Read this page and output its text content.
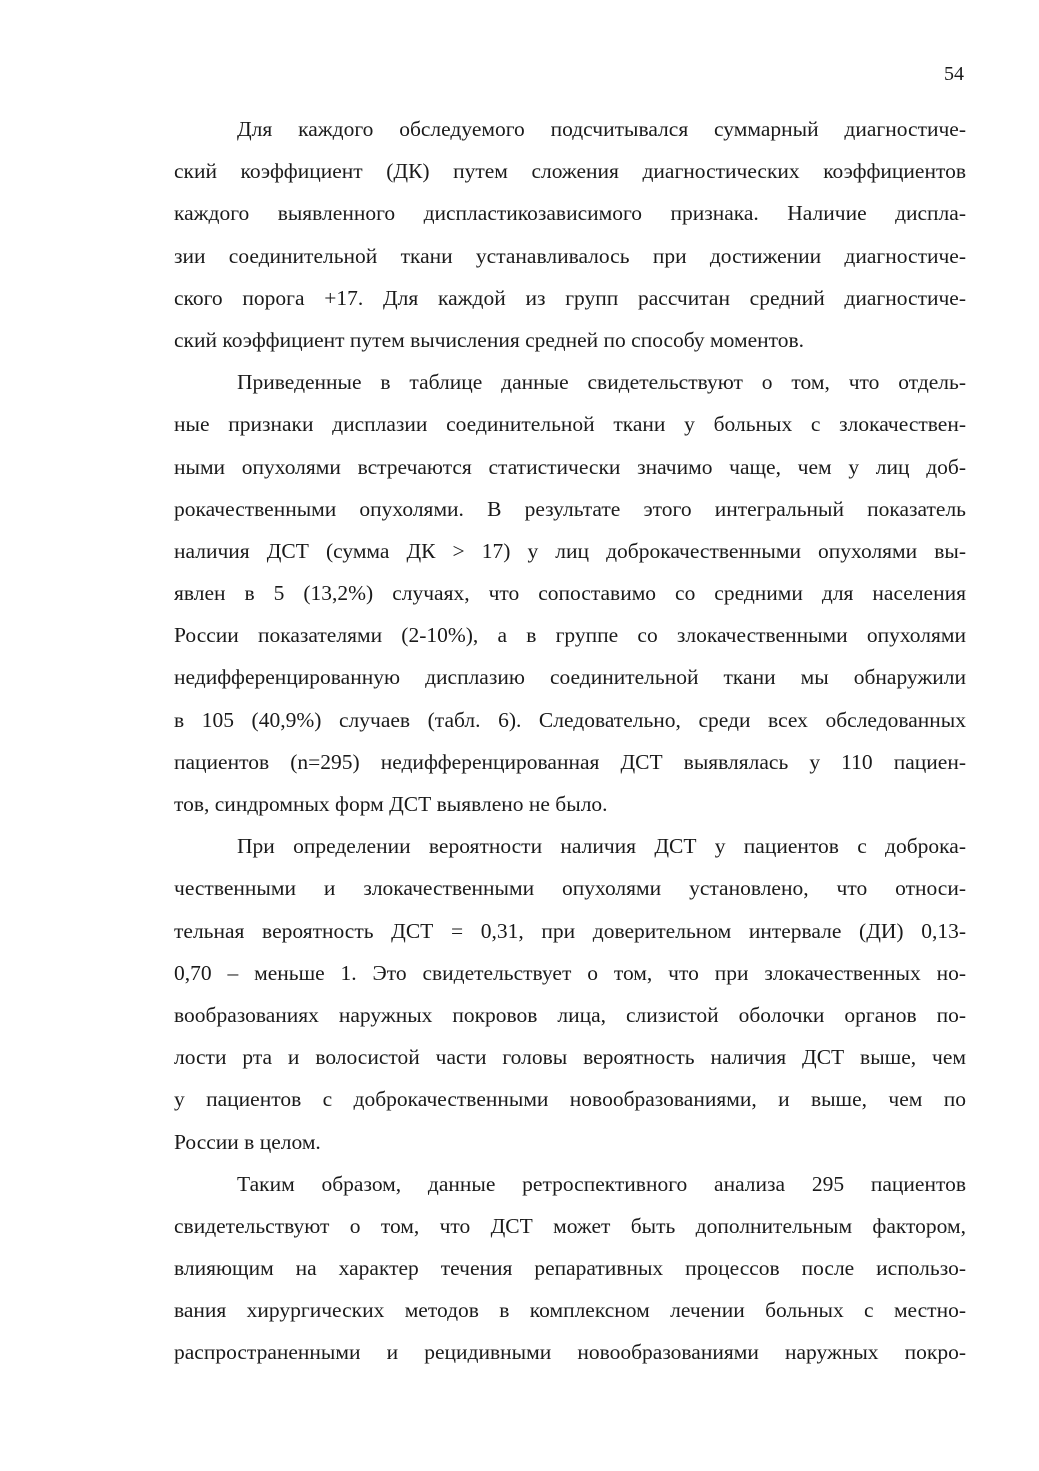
54
Для каждого обследуемого подсчитывался суммарный диагностиче-
ский коэффициент (ДК) путем сложения диагностических коэффициентов
каждого выявленного диспластикозависимого признака. Наличие диспла-
зии соединительной ткани устанавливалось при достижении диагностиче-
ского порога +17. Для каждой из групп рассчитан средний диагностиче-
ский коэффициент путем вычисления средней по способу моментов.
Приведенные в таблице данные свидетельствуют о том, что отдель-
ные признаки дисплазии соединительной ткани у больных с злокачествен-
ными опухолями встречаются статистически значимо чаще, чем у лиц доб-
рокачественными опухолями. В результате этого интегральный показатель
наличия ДСТ (сумма ДК > 17) у лиц доброкачественными опухолями вы-
явлен в 5 (13,2%) случаях, что сопоставимо со средними для населения
России показателями (2-10%), а в группе со злокачественными опухолями
недифференцированную дисплазию соединительной ткани мы обнаружили
в 105 (40,9%) случаев (табл. 6). Следовательно, среди всех обследованных
пациентов (n=295) недифференцированная ДСТ выявлялась у 110 пациен-
тов, синдромных форм ДСТ выявлено не было.
При определении вероятности наличия ДСТ у пациентов с доброка-
чественными и злокачественными опухолями установлено, что относи-
тельная вероятность ДСТ = 0,31, при доверительном интервале (ДИ) 0,13-
0,70 – меньше 1. Это свидетельствует о том, что при злокачественных но-
вообразованиях наружных покровов лица, слизистой оболочки органов по-
лости рта и волосистой части головы вероятность наличия ДСТ выше, чем
у пациентов с доброкачественными новообразованиями, и выше, чем по
России в целом.
Таким образом, данные ретроспективного анализа 295 пациентов
свидетельствуют о том, что ДСТ может быть дополнительным фактором,
влияющим на характер течения репаративных процессов после использо-
вания хирургических методов в комплексном лечении больных с местно-
распространенными и рецидивными новообразованиями наружных покро-
